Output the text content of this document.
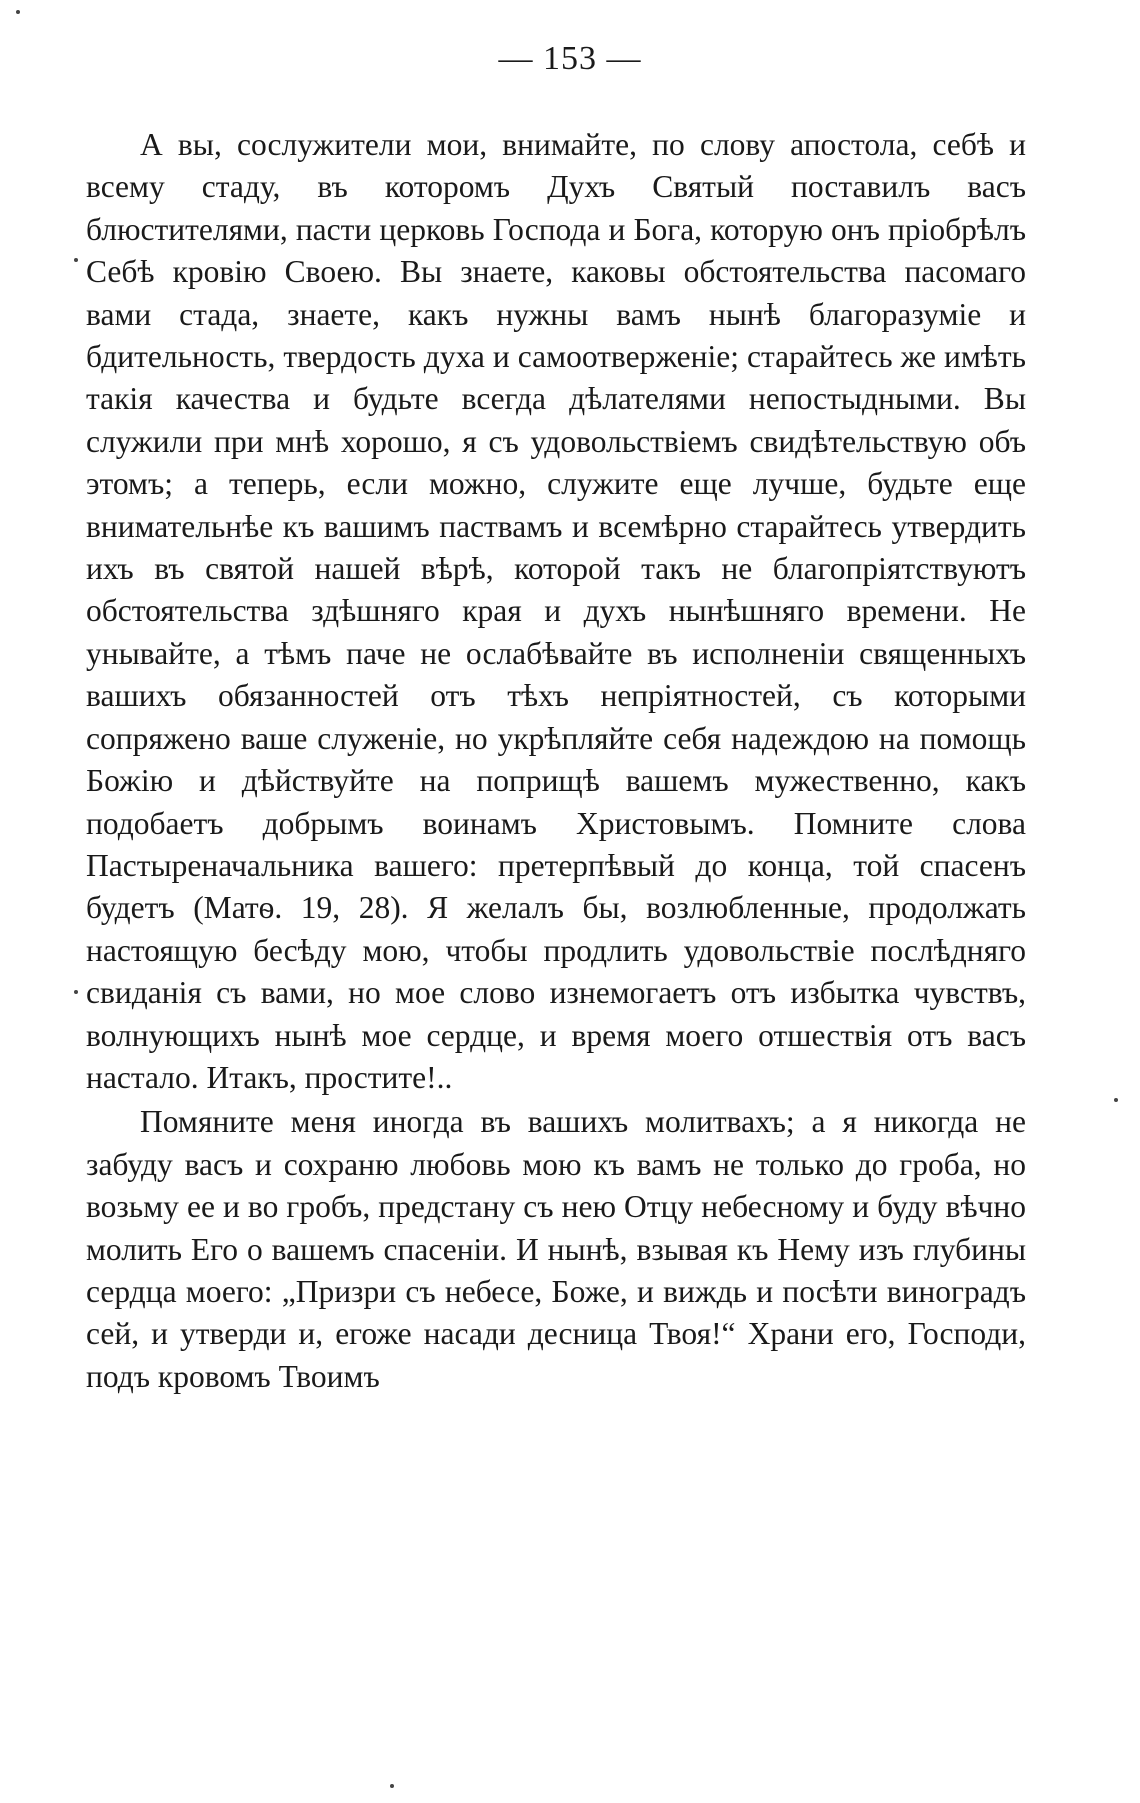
— 153 —

А вы, сослужители мои, внимайте, по слову апостола, себѣ и всему стаду, въ которомъ Духъ Святый поставилъ васъ блюстителями, пасти церковь Господа и Бога, которую онъ пріобрѣлъ Себѣ кровію Своею. Вы знаете, каковы обстоятельства пасомаго вами стада, знаете, какъ нужны вамъ нынѣ благоразуміе и бдительность, твердость духа и самоотверженіе; старайтесь же имѣть такія качества и будьте всегда дѣлателями непостыдными. Вы служили при мнѣ хорошо, я съ удовольствіемъ свидѣтельствую объ этомъ; а теперь, если можно, служите еще лучше, будьте еще внимательнѣе къ вашимъ паствамъ и всемѣрно старайтесь утвердить ихъ въ святой нашей вѣрѣ, которой такъ не благопріятствуютъ обстоятельства здѣшняго края и духъ нынѣшняго времени. Не унывайте, а тѣмъ паче не ослабѣвайте въ исполненіи священныхъ вашихъ обязанностей отъ тѣхъ непріятностей, съ которыми сопряжено ваше служеніе, но укрѣпляйте себя надеждою на помощь Божію и дѣйствуйте на поприщѣ вашемъ мужественно, какъ подобаетъ добрымъ воинамъ Христовымъ. Помните слова Пастыреначальника вашего: претерпѣвый до конца, той спасенъ будетъ (Матѳ. 19, 28). Я желалъ бы, возлюбленные, продолжать настоящую бесѣду мою, чтобы продлить удовольствіе послѣдняго свиданія съ вами, но мое слово изнемогаетъ отъ избытка чувствъ, волнующихъ нынѣ мое сердце, и время моего отшествія отъ васъ настало. Итакъ, простите!..

Помяните меня иногда въ вашихъ молитвахъ; а я никогда не забуду васъ и сохраню любовь мою къ вамъ не только до гроба, но возьму ее и во гробъ, предстану съ нею Отцу небесному и буду вѣчно молить Его о вашемъ спасеніи. И нынѣ, взывая къ Нему изъ глубины сердца моего: „Призри съ небесе, Боже, и виждь и посѣти виноградъ сей, и утверди и, егоже насади десница Твоя!“ Храни его, Господи, подъ кровомъ Твоимъ
